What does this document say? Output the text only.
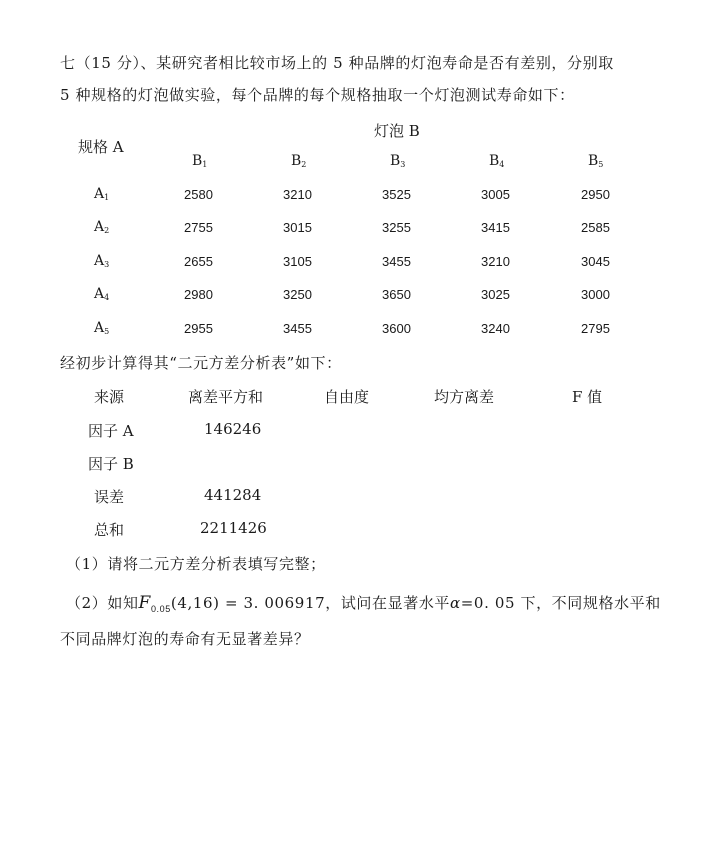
七（15 分）、某研究者相比较市场上的 5 种品牌的灯泡寿命是否有差别，分别取
5 种规格的灯泡做实验，每个品牌的每个规格抽取一个灯泡测试寿命如下：
灯泡 B
规格 A
$B_1$	$B_2$	$B_3$	$B_4$	$B_5$
$A_1$	2580	3210	3525	3005	2950
$A_2$	2755	3015	3255	3415	2585
$A_3$	2655	3105	3455	3210	3045
$A_4$	2980	3250	3650	3025	3000
$A_5$	2955	3455	3600	3240	2795
经初步计算得其“二元方差分析表”如下：
来源	离差平方和	自由度	均方离差	F 值
因子 A	146246
因子 B
误差	441284
总和	2211426
（1）请将二元方差分析表填写完整；
（2）如知$F_{0.05}(4,16) = 3$. 006917，试问在显著水平α=0. 05 下，不同规格水平和
不同品牌灯泡的寿命有无显著差异？
